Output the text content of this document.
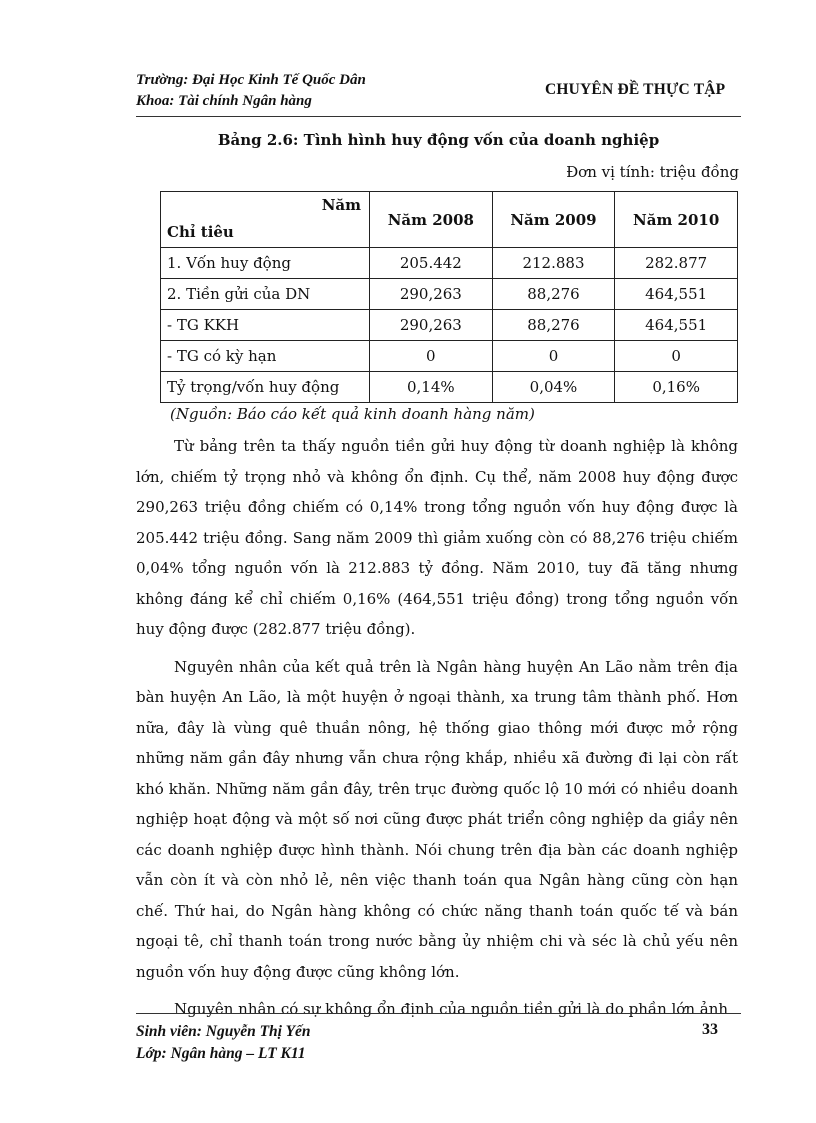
Trường: Đại Học Kinh Tế Quốc Dân
Khoa: Tài chính Ngân hàng
CHUYÊN ĐỀ THỰC TẬP
Bảng 2.6: Tình hình huy động vốn của doanh nghiệp
Đơn vị tính: triệu đồng
Năm
Chỉ tiêu	Năm 2008	Năm 2009	Năm 2010
1. Vốn huy động	205.442	212.883	282.877
2. Tiền gửi của DN	290,263	88,276	464,551
- TG KKH	290,263	88,276	464,551
- TG có kỳ hạn	0	0	0
Tỷ trọng/vốn huy động	0,14%	0,04%	0,16%
(Nguồn: Báo cáo kết quả kinh doanh hàng năm)

Từ bảng trên ta thấy nguồn tiền gửi huy động từ doanh nghiệp là không lớn, chiếm tỷ trọng nhỏ và không ổn định. Cụ thể, năm 2008 huy động được 290,263 triệu đồng chiếm có 0,14% trong tổng nguồn vốn huy động được là 205.442 triệu đồng. Sang năm 2009 thì giảm xuống còn có 88,276 triệu chiếm 0,04% tổng nguồn vốn là 212.883 tỷ đồng. Năm 2010, tuy đã tăng nhưng không đáng kể chỉ chiếm 0,16% (464,551 triệu đồng) trong tổng nguồn vốn huy động được (282.877 triệu đồng).

Nguyên nhân của kết quả trên là Ngân hàng huyện An Lão nằm trên địa bàn huyện An Lão, là một huyện ở ngoại thành, xa trung tâm thành phố. Hơn nữa, đây là vùng quê thuần nông, hệ thống giao thông mới được mở rộng những năm gần đây nhưng vẫn chưa rộng khắp, nhiều xã đường đi lại còn rất khó khăn. Những năm gần đây, trên trục đường quốc lộ 10 mới có nhiều doanh nghiệp hoạt động và một số nơi cũng được phát triển công nghiệp da giầy nên các doanh nghiệp được hình thành. Nói chung trên địa bàn các doanh nghiệp vẫn còn ít và còn nhỏ lẻ, nên việc thanh toán qua Ngân hàng cũng còn hạn chế. Thứ hai, do Ngân hàng không có chức năng thanh toán quốc tế và bán ngoại tê, chỉ thanh toán trong nước bằng ủy nhiệm chi và séc là chủ yếu nên nguồn vốn huy động được cũng không lớn.

Nguyên nhân có sự không ổn định của nguồn tiền gửi là do phần lớn ảnh

Sinh viên: Nguyễn Thị Yến
Lớp: Ngân hàng – LT K11
33
